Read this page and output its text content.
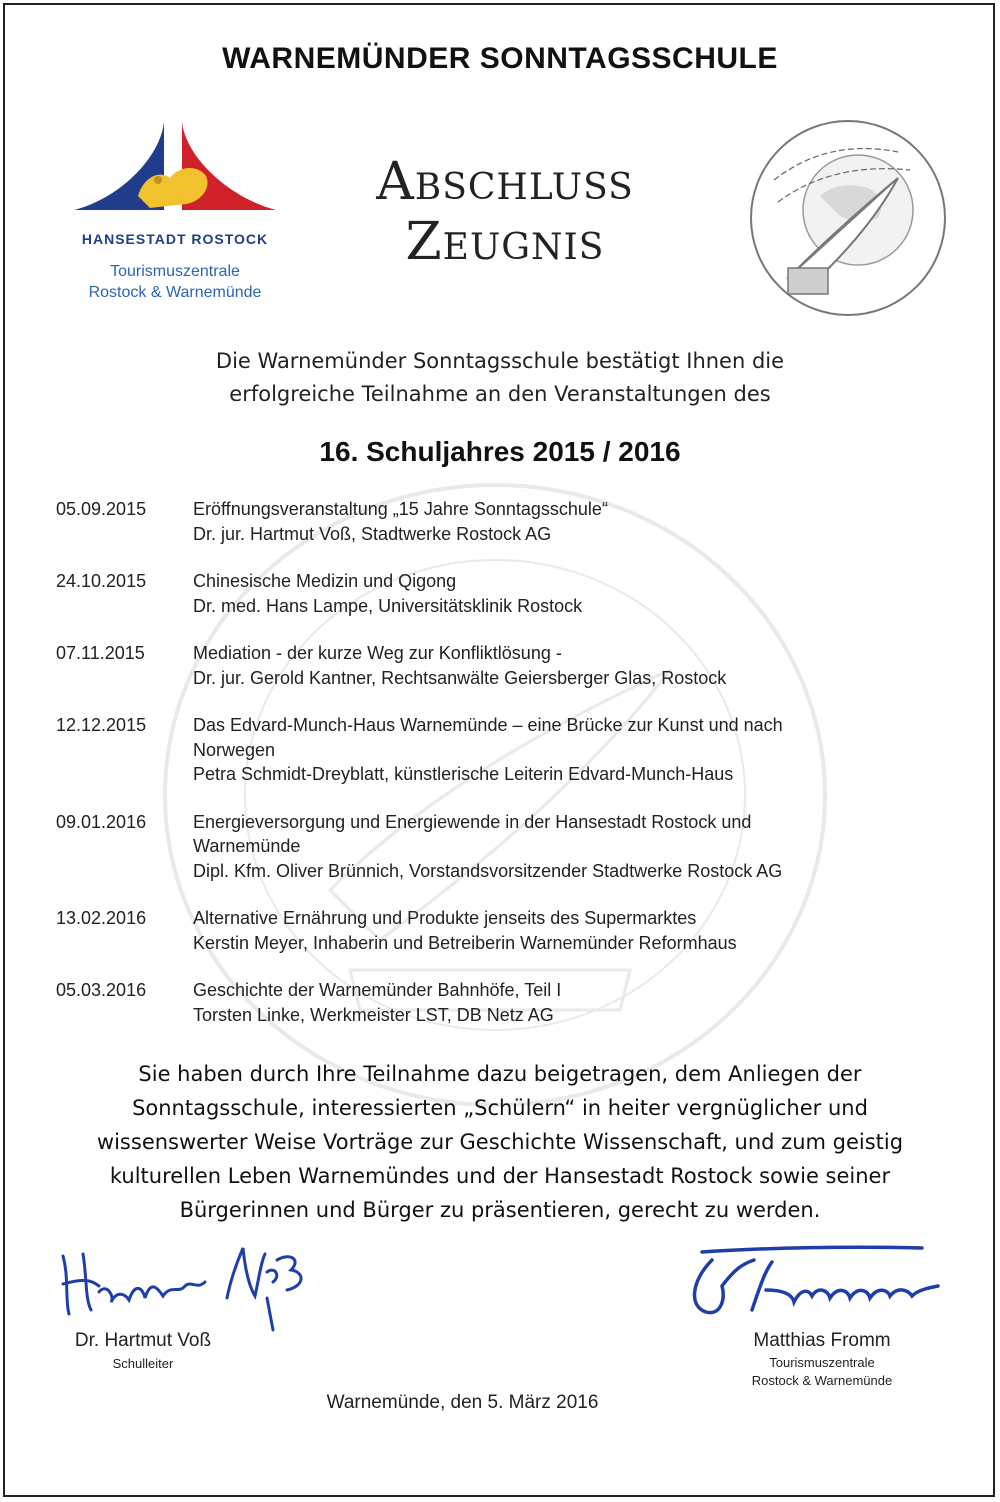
WARNEMÜNDER SONNTAGSSCHULE
HANSESTADT ROSTOCK
Tourismuszentrale
Rostock & Warnemünde
Abschluss
Zeugnis
Die Warnemünder Sonntagsschule bestätigt Ihnen die
erfolgreiche Teilnahme an den Veranstaltungen des
16. Schuljahres 2015 / 2016
05.09.2015	Eröffnungsveranstaltung „15 Jahre Sonntagsschule“
Dr. jur. Hartmut Voß, Stadtwerke Rostock AG
24.10.2015	Chinesische Medizin und Qigong
Dr. med. Hans Lampe, Universitätsklinik Rostock
07.11.2015	Mediation - der kurze Weg zur Konfliktlösung -
Dr. jur. Gerold Kantner, Rechtsanwälte Geiersberger Glas, Rostock
12.12.2015	Das Edvard-Munch-Haus Warnemünde – eine Brücke zur Kunst und nach
Norwegen
Petra Schmidt-Dreyblatt, künstlerische Leiterin Edvard-Munch-Haus
09.01.2016	Energieversorgung und Energiewende in der Hansestadt Rostock und
Warnemünde
Dipl. Kfm. Oliver Brünnich, Vorstandsvorsitzender Stadtwerke Rostock AG
13.02.2016	Alternative Ernährung und Produkte jenseits des Supermarktes
Kerstin Meyer, Inhaberin und Betreiberin Warnemünder Reformhaus
05.03.2016	Geschichte der Warnemünder Bahnhöfe, Teil I
Torsten Linke, Werkmeister LST, DB Netz AG
Sie haben durch Ihre Teilnahme dazu beigetragen, dem Anliegen der
Sonntagsschule, interessierten „Schülern“ in heiter vergnüglicher und
wissenswerter Weise Vorträge zur Geschichte Wissenschaft, und zum geistig
kulturellen Leben Warnemündes und der Hansestadt Rostock sowie seiner
Bürgerinnen und Bürger zu präsentieren, gerecht zu werden.
Dr. Hartmut Voß
Schulleiter
Matthias Fromm
Tourismuszentrale
Rostock & Warnemünde
Warnemünde, den 5. März 2016
